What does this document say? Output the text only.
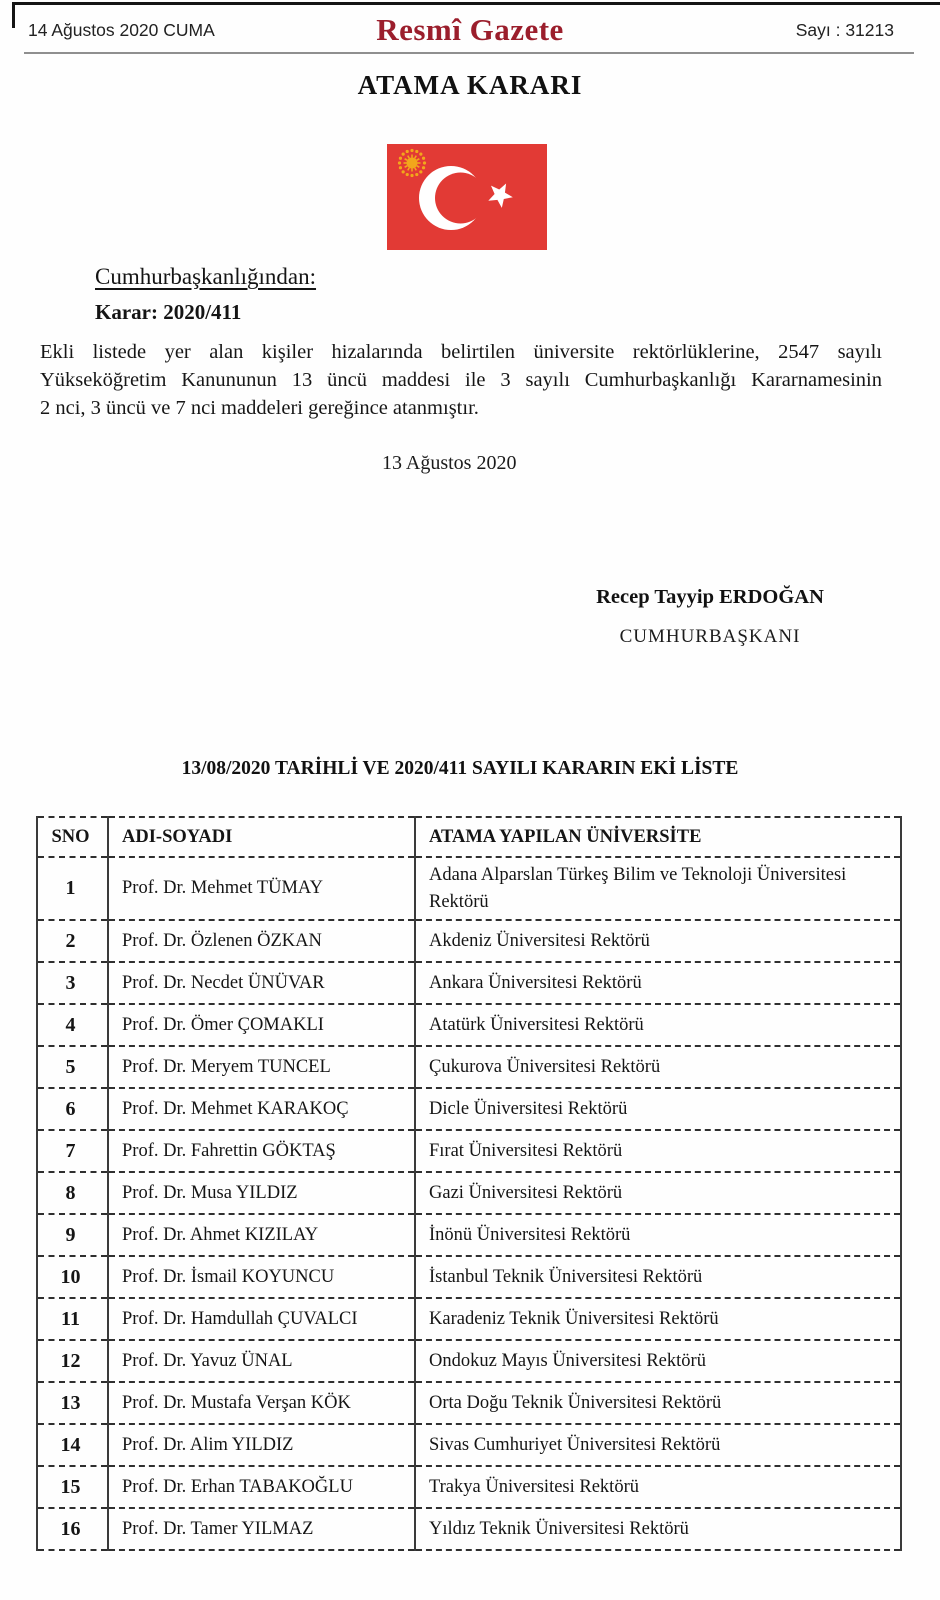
14 Ağustos 2020 CUMA	Resmî Gazete	Sayı : 31213
ATAMA KARARI
Cumhurbaşkanlığından:
Karar: 2020/411
Ekli listede yer alan kişiler hizalarında belirtilen üniversite rektörlüklerine, 2547 sayılı
Yükseköğretim Kanununun 13 üncü maddesi ile 3 sayılı Cumhurbaşkanlığı Kararnamesinin
2 nci, 3 üncü ve 7 nci maddeleri gereğince atanmıştır.
13 Ağustos 2020
Recep Tayyip ERDOĞAN
CUMHURBAŞKANI
13/08/2020 TARİHLİ VE 2020/411 SAYILI KARARIN EKİ LİSTE
SNO	ADI-SOYADI	ATAMA YAPILAN ÜNİVERSİTE
1	Prof. Dr. Mehmet TÜMAY	Adana Alparslan Türkeş Bilim ve Teknoloji Üniversitesi Rektörü
2	Prof. Dr. Özlenen ÖZKAN	Akdeniz Üniversitesi Rektörü
3	Prof. Dr. Necdet ÜNÜVAR	Ankara Üniversitesi Rektörü
4	Prof. Dr. Ömer ÇOMAKLI	Atatürk Üniversitesi Rektörü
5	Prof. Dr. Meryem TUNCEL	Çukurova Üniversitesi Rektörü
6	Prof. Dr. Mehmet KARAKOÇ	Dicle Üniversitesi Rektörü
7	Prof. Dr. Fahrettin GÖKTAŞ	Fırat Üniversitesi Rektörü
8	Prof. Dr. Musa YILDIZ	Gazi Üniversitesi Rektörü
9	Prof. Dr. Ahmet KIZILAY	İnönü Üniversitesi Rektörü
10	Prof. Dr. İsmail KOYUNCU	İstanbul Teknik Üniversitesi Rektörü
11	Prof. Dr. Hamdullah ÇUVALCI	Karadeniz Teknik Üniversitesi Rektörü
12	Prof. Dr. Yavuz ÜNAL	Ondokuz Mayıs Üniversitesi Rektörü
13	Prof. Dr. Mustafa Verşan KÖK	Orta Doğu Teknik Üniversitesi Rektörü
14	Prof. Dr. Alim YILDIZ	Sivas Cumhuriyet Üniversitesi Rektörü
15	Prof. Dr. Erhan TABAKOĞLU	Trakya Üniversitesi Rektörü
16	Prof. Dr. Tamer YILMAZ	Yıldız Teknik Üniversitesi Rektörü
